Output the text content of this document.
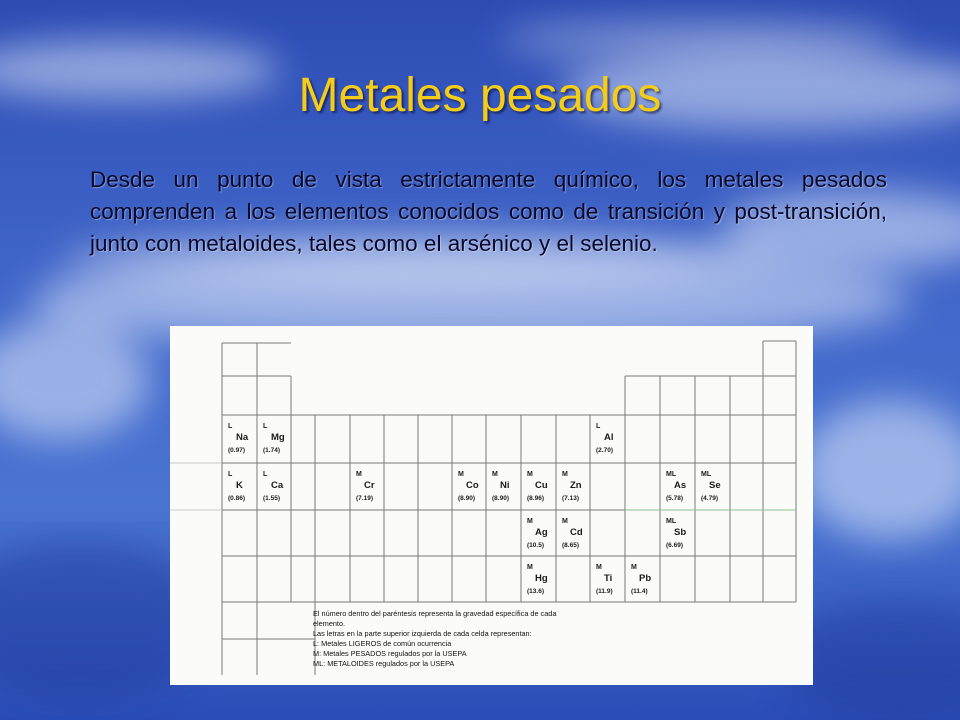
Metales pesados

Desde un punto de vista estrictamente químico, los metales pesados comprenden a los elementos conocidos como de transición y post-transición, junto con metaloides, tales como el arsénico y el selenio.

L
Na
(0.97)
L
Mg
(1.74)
L
K
(0.86)
L
Ca
(1.55)
L
Al
(2.70)
M
Cr
(7.19)
M
Co
(8.90)
M
Ni
(8.90)
M
Cu
(8.96)
M
Zn
(7.13)
ML
As
(5.78)
ML
Se
(4.79)
M
Ag
(10.5)
M
Cd
(8.65)
ML
Sb
(6.69)
M
Hg
(13.6)
M
Ti
(11.9)
M
Pb
(11.4)
El número dentro del paréntesis representa la gravedad específica de cada
elemento.
Las letras en la parte superior izquierda de cada celda representan:
L: Metales LIGEROS de común ocurrencia
M: Metales PESADOS regulados por la USEPA
ML: METALOIDES regulados por la USEPA
